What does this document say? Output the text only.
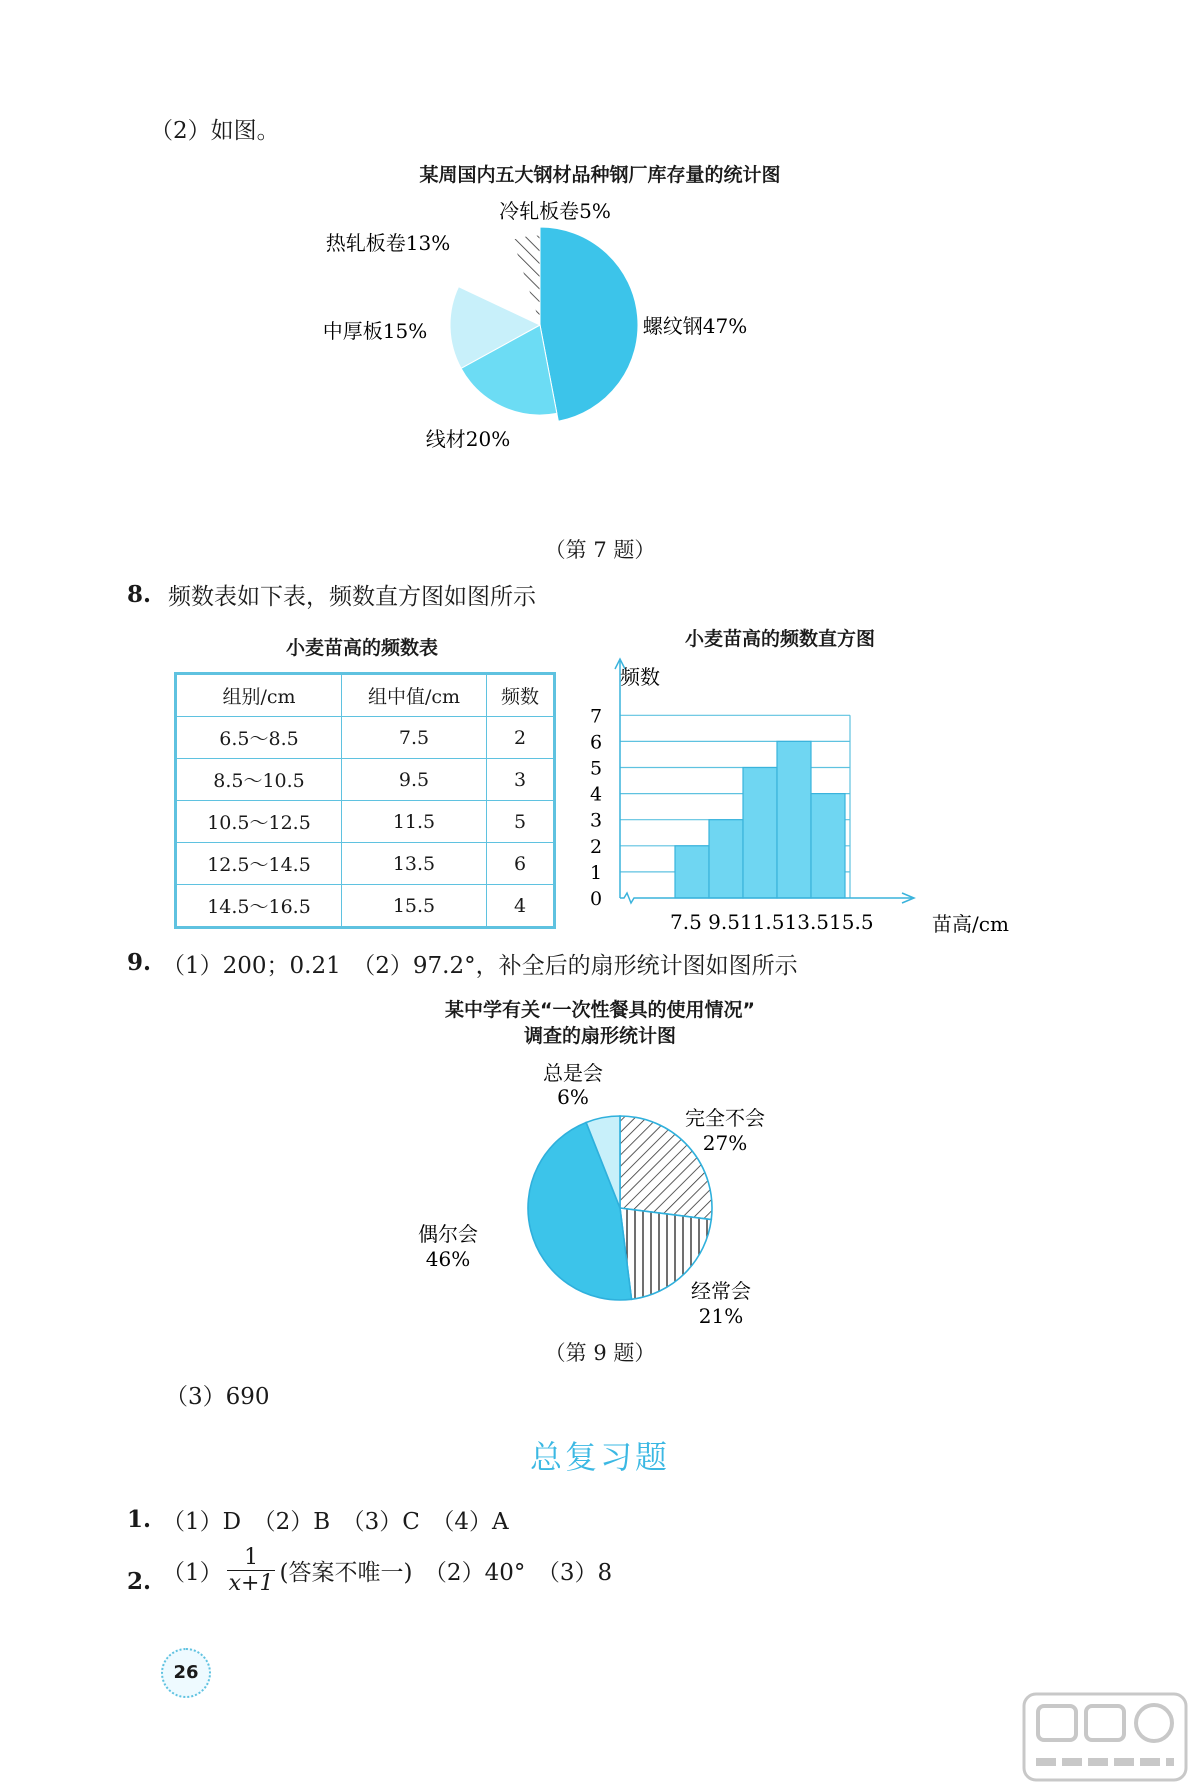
（2）如图。
某周国内五大钢材品种钢厂库存量的统计图
冷轧板卷5%
热轧板卷13%
中厚板15%	螺纹钢47%
线材20%
（第 7 题）
8. 频数表如下表，频数直方图如图所示
小麦苗高的频数表
组别/cm	组中值/cm	频数
6.5～8.5	7.5	2
8.5～10.5	9.5	3
10.5～12.5	11.5	5
12.5～14.5	13.5	6
14.5～16.5	15.5	4
小麦苗高的频数直方图
0
1
2
3
4
5
6
7
频数
7.5 9.511.513.515.5	苗高/cm
9. （1）200；0.21　（2）97.2°，补全后的扇形统计图如图所示
某中学有关“一次性餐具的使用情况”
调查的扇形统计图
总是会
6%
完全不会
27%
偶尔会
46%
经常会
21%
（第 9 题）
（3）690
总复习题
1. （1）D　（2）B　（3）C　（4）A
2. $(1) \frac{1}{x+1}$ (答案不唯一)　（2）40°　（3）8
26
